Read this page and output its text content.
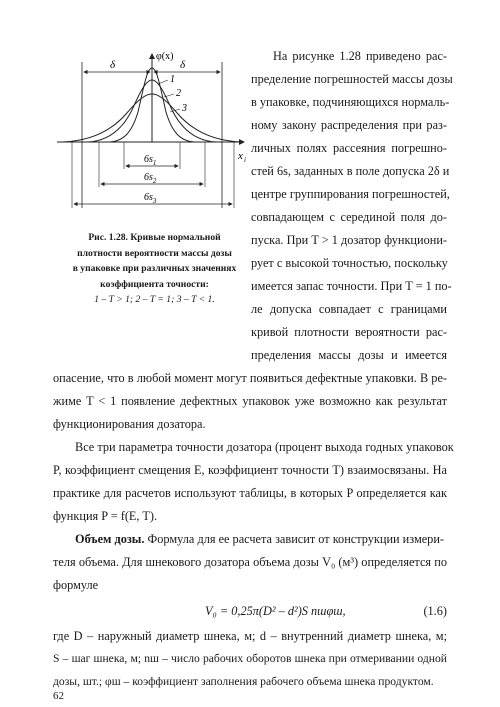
φ(x)
x i
δ	δ
1
2
3
$6s_1$
$6s_2$
$6s_3$
Рис. 1.28. Кривые нормальной
плотности вероятности массы дозы
в упаковке при различных значениях
коэффициента точности:
1 – T > 1; 2 – T = 1; 3 – T < 1.
На рисунке 1.28 приведено рас-
пределение погрешностей массы дозы
в упаковке, подчиняющихся нормаль-
ному закону распределения при раз-
личных полях рассеяния погрешно-
стей 6s, заданных в поле допуска 2δ и
центре группирования погрешностей,
совпадающем с серединой поля до-
пуска. При T > 1 дозатор функциони-
рует с высокой точностью, поскольку
имеется запас точности. При T = 1 по-
ле допуска совпадает с границами
кривой плотности вероятности рас-
пределения массы дозы и имеется
опасение, что в любой момент могут появиться дефектные упаковки. В ре-
жиме T < 1 появление дефектных упаковок уже возможно как результат
функционирования дозатора.
Все три параметра точности дозатора (процент выхода годных упаковок
P, коэффициент смещения E, коэффициент точности T) взаимосвязаны. На
практике для расчетов используют таблицы, в которых P определяется как
функция P = f(E, T).
Объем дозы. Формула для ее расчета зависит от конструкции измери-
теля объема. Для шнекового дозатора объема дозы V₀ (м³) определяется по
формуле
V₀ = 0,25π(D² – d²)S nшφш,	(1.6)
где D – наружный диаметр шнека, м; d – внутренний диаметр шнека, м;
S – шаг шнека, м; nш – число рабочих оборотов шнека при отмеривании одной
дозы, шт.; φш – коэффициент заполнения рабочего объема шнека продуктом.
62
